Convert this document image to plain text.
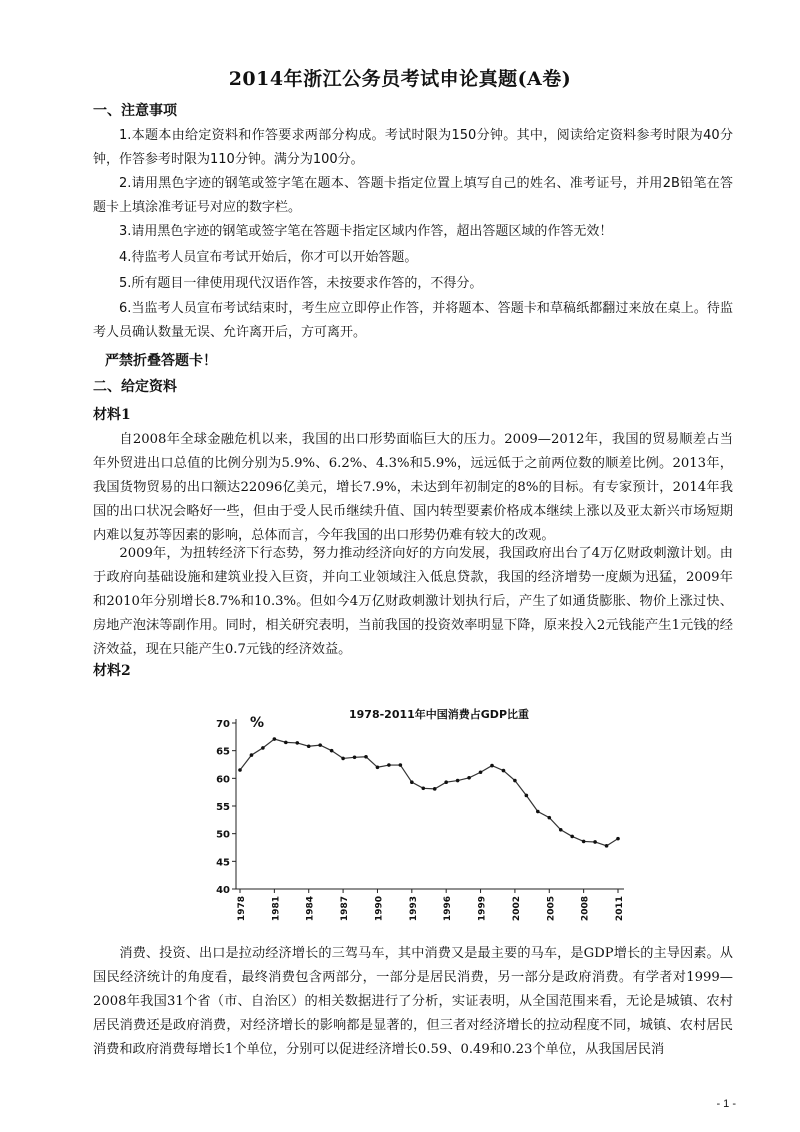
2014年浙江公务员考试申论真题(A卷)
一、注意事项
1.本题本由给定资料和作答要求两部分构成。考试时限为150分钟。其中，阅读给定资料参考时限为40分钟，作答参考时限为110分钟。满分为100分。
2.请用黑色字迹的钢笔或签字笔在题本、答题卡指定位置上填写自己的姓名、准考证号，并用2B铅笔在答题卡上填涂准考证号对应的数字栏。
3.请用黑色字迹的钢笔或签字笔在答题卡指定区域内作答，超出答题区域的作答无效！
4.待监考人员宣布考试开始后，你才可以开始答题。
5.所有题目一律使用现代汉语作答，未按要求作答的，不得分。
6.当监考人员宣布考试结束时，考生应立即停止作答，并将题本、答题卡和草稿纸都翻过来放在桌上。待监考人员确认数量无误、允许离开后，方可离开。
严禁折叠答题卡！
二、给定资料
材料1
自2008年全球金融危机以来，我国的出口形势面临巨大的压力。2009—2012年，我国的贸易顺差占当年外贸进出口总值的比例分别为5.9%、6.2%、4.3%和5.9%，远远低于之前两位数的顺差比例。2013年，我国货物贸易的出口额达22096亿美元，增长7.9%，未达到年初制定的8%的目标。有专家预计，2014年我国的出口状况会略好一些，但由于受人民币继续升值、国内转型要素价格成本继续上涨以及亚太新兴市场短期内难以复苏等因素的影响，总体而言，今年我国的出口形势仍难有较大的改观。
2009年，为扭转经济下行态势，努力推动经济向好的方向发展，我国政府出台了4万亿财政刺激计划。由于政府向基础设施和建筑业投入巨资，并向工业领域注入低息贷款，我国的经济增势一度颇为迅猛，2009年和2010年分别增长8.7%和10.3%。但如今4万亿财政刺激计划执行后，产生了如通货膨胀、物价上涨过快、房地产泡沫等副作用。同时，相关研究表明，当前我国的投资效率明显下降，原来投入2元钱能产生1元钱的经济效益，现在只能产生0.7元钱的经济效益。
材料2
1978-2011年中国消费占GDP比重
%
40
45
50
55
60
65
70
1978	1981	1984	1987	1990	1993	1996	1999	2002	2005	2008	2011
消费、投资、出口是拉动经济增长的三驾马车，其中消费又是最主要的马车，是GDP增长的主导因素。从国民经济统计的角度看，最终消费包含两部分，一部分是居民消费，另一部分是政府消费。有学者对1999—2008年我国31个省（市、自治区）的相关数据进行了分析，实证表明，从全国范围来看，无论是城镇、农村居民消费还是政府消费，对经济增长的影响都是显著的，但三者对经济增长的拉动程度不同，城镇、农村居民消费和政府消费每增长1个单位，分别可以促进经济增长0.59、0.49和0.23个单位，从我国居民消
- 1 -
